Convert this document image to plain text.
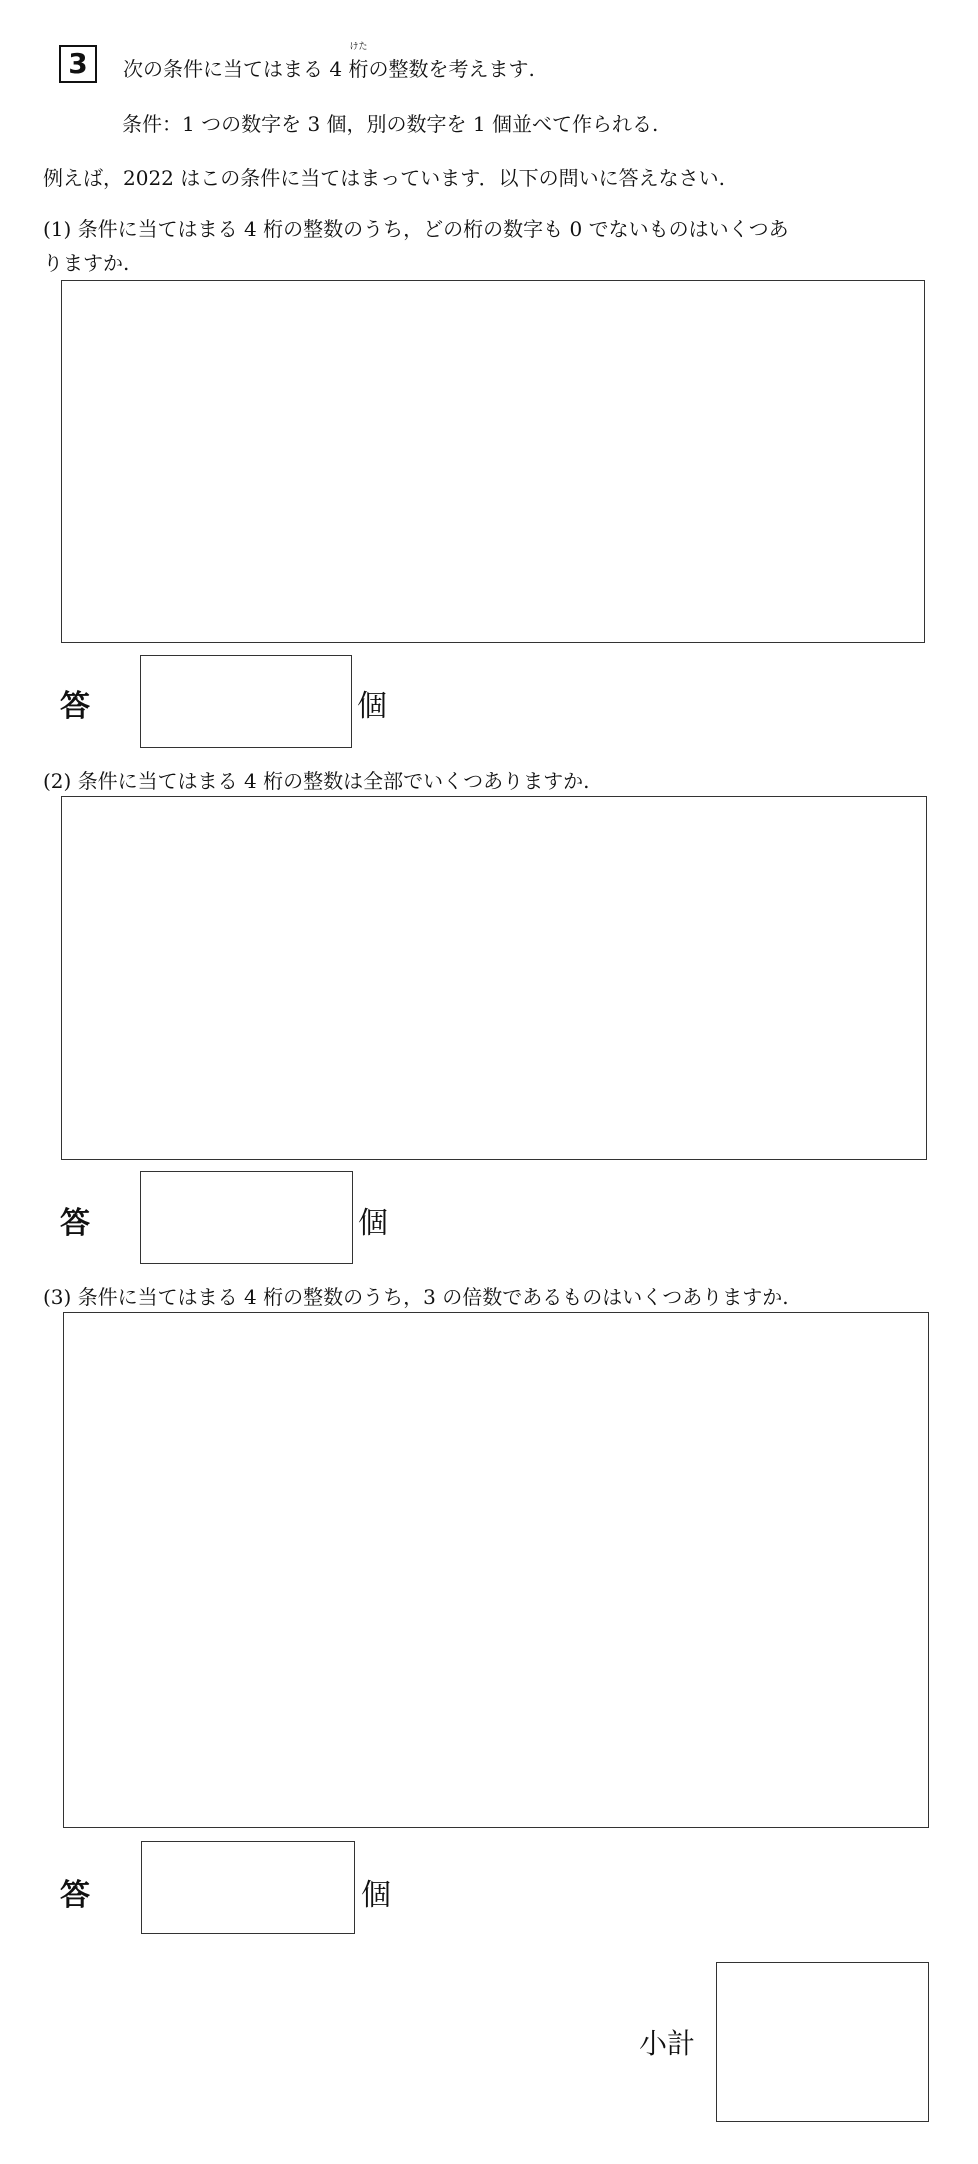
3	次の条件に当てはまる 4
けた
桁の整数を考えます.
条件：1 つの数字を 3 個，別の数字を 1 個並べて作られる.
例えば，2022 はこの条件に当てはまっています．以下の問いに答えなさい.
(1) 条件に当てはまる 4 桁の整数のうち，どの桁の数字も 0 でないものはいくつあ
りますか.
答	個
(2) 条件に当てはまる 4 桁の整数は全部でいくつありますか.
答	個
(3) 条件に当てはまる 4 桁の整数のうち，3 の倍数であるものはいくつありますか.
答	個
小計
